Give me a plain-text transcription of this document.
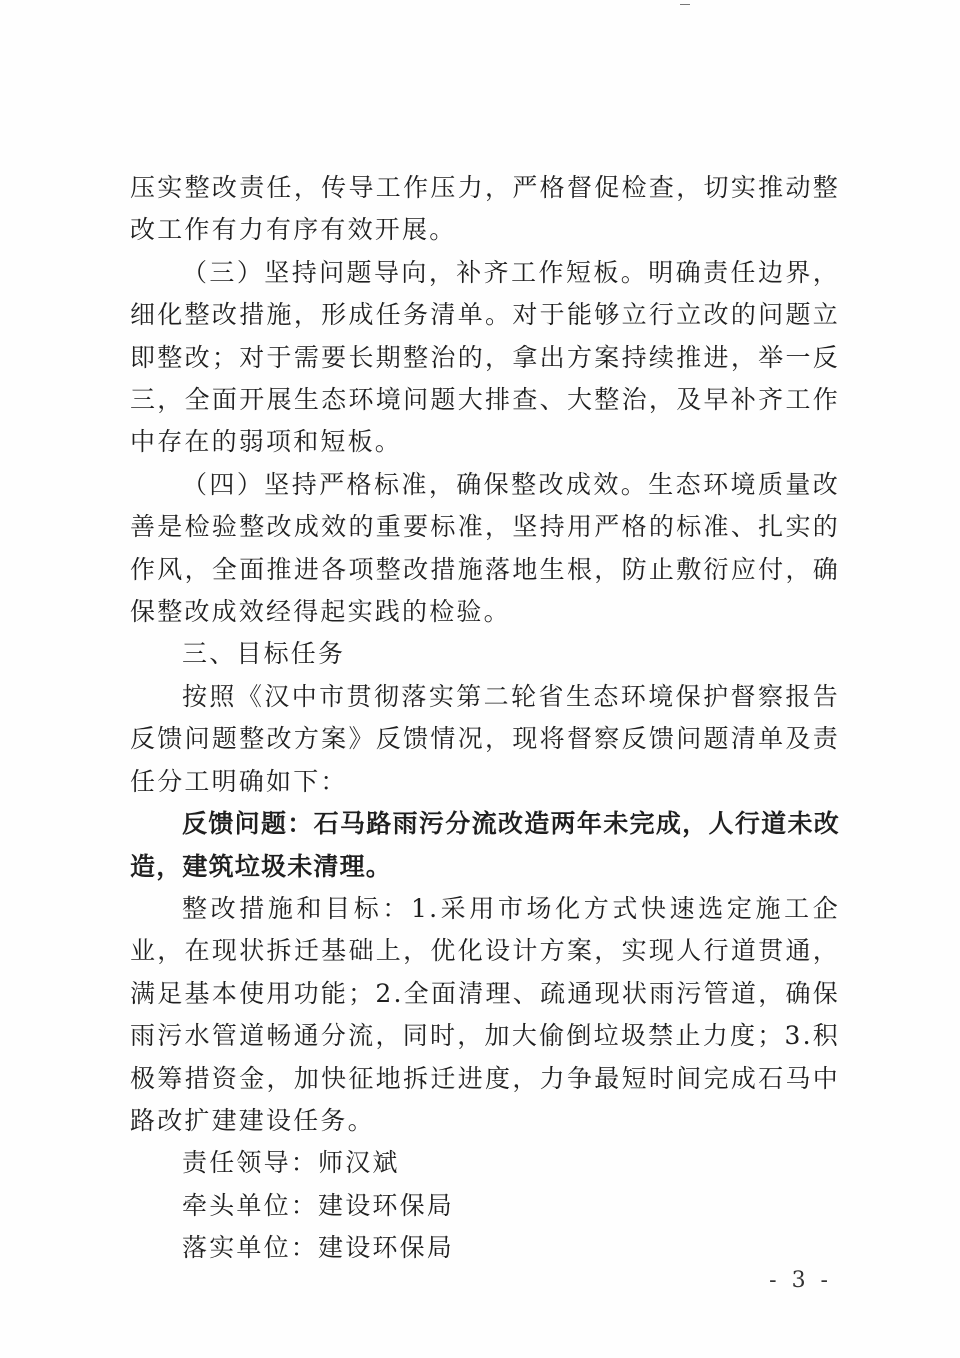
压实整改责任，传导工作压力，严格督促检查，切实推动整改工作有力有序有效开展。

（三）坚持问题导向，补齐工作短板。明确责任边界，细化整改措施，形成任务清单。对于能够立行立改的问题立即整改；对于需要长期整治的，拿出方案持续推进，举一反三，全面开展生态环境问题大排查、大整治，及早补齐工作中存在的弱项和短板。

（四）坚持严格标准，确保整改成效。生态环境质量改善是检验整改成效的重要标准，坚持用严格的标准、扎实的作风，全面推进各项整改措施落地生根，防止敷衍应付，确保整改成效经得起实践的检验。

三、目标任务

按照《汉中市贯彻落实第二轮省生态环境保护督察报告反馈问题整改方案》反馈情况，现将督察反馈问题清单及责任分工明确如下：

反馈问题：石马路雨污分流改造两年未完成，人行道未改造，建筑垃圾未清理。

整改措施和目标：1.采用市场化方式快速选定施工企业，在现状拆迁基础上，优化设计方案，实现人行道贯通，满足基本使用功能；2.全面清理、疏通现状雨污管道，确保雨污水管道畅通分流，同时，加大偷倒垃圾禁止力度；3.积极筹措资金，加快征地拆迁进度，力争最短时间完成石马中路改扩建建设任务。

责任领导：师汉斌

牵头单位：建设环保局

落实单位：建设环保局

- 3 -
